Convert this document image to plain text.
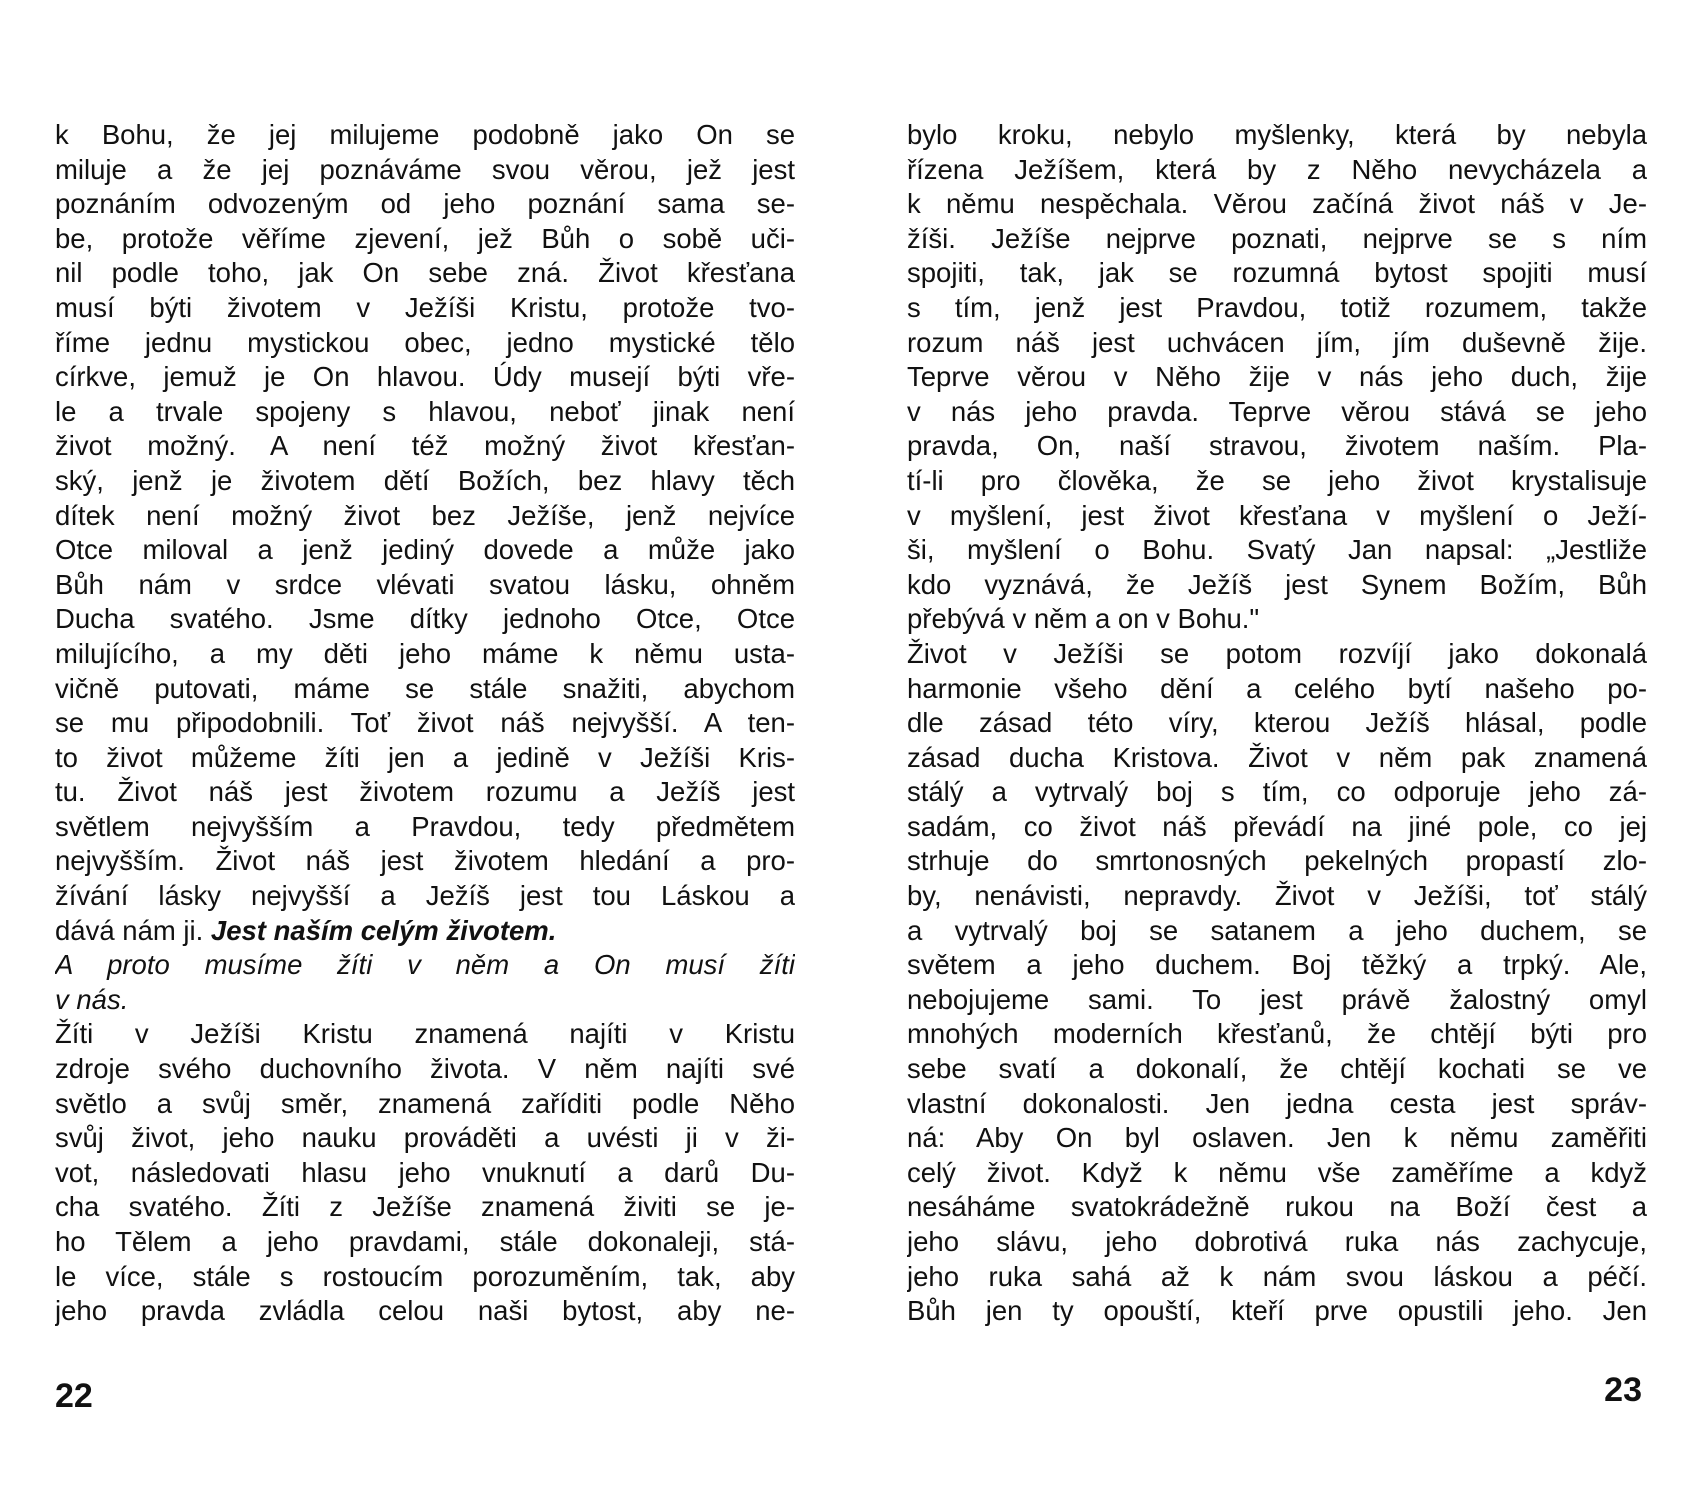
k Bohu, že jej milujeme podobně jako On se
miluje a že jej poznáváme svou věrou, jež jest
poznáním odvozeným od jeho poznání sama se-
be, protože věříme zjevení, jež Bůh o sobě uči-
nil podle toho, jak On sebe zná. Život křesťana
musí býti životem v Ježíši Kristu, protože tvo-
říme jednu mystickou obec, jedno mystické tělo
církve, jemuž je On hlavou. Údy musejí býti vře-
le a trvale spojeny s hlavou, neboť jinak není
život možný. A není též možný život křesťan-
ský, jenž je životem dětí Božích, bez hlavy těch
dítek není možný život bez Ježíše, jenž nejvíce
Otce miloval a jenž jediný dovede a může jako
Bůh nám v srdce vlévati svatou lásku, ohněm
Ducha svatého. Jsme dítky jednoho Otce, Otce
milujícího, a my děti jeho máme k němu usta-
vičně putovati, máme se stále snažiti, abychom
se mu připodobnili. Toť život náš nejvyšší. A ten-
to život můžeme žíti jen a jedině v Ježíši Kris-
tu. Život náš jest životem rozumu a Ježíš jest
světlem nejvyšším a Pravdou, tedy předmětem
nejvyšším. Život náš jest životem hledání a pro-
žívání lásky nejvyšší a Ježíš jest tou Láskou a
dává nám ji. Jest naším celým životem.
A proto musíme žíti v něm a On musí žíti
v nás.
Žíti v Ježíši Kristu znamená najíti v Kristu
zdroje svého duchovního života. V něm najíti své
světlo a svůj směr, znamená zaříditi podle Něho
svůj život, jeho nauku prováděti a uvésti ji v ži-
vot, následovati hlasu jeho vnuknutí a darů Du-
cha svatého. Žíti z Ježíše znamená živiti se je-
ho Tělem a jeho pravdami, stále dokonaleji, stá-
le více, stále s rostoucím porozuměním, tak, aby
jeho pravda zvládla celou naši bytost, aby ne-
bylo kroku, nebylo myšlenky, která by nebyla
řízena Ježíšem, která by z Něho nevycházela a
k němu nespěchala. Věrou začíná život náš v Je-
žíši. Ježíše nejprve poznati, nejprve se s ním
spojiti, tak, jak se rozumná bytost spojiti musí
s tím, jenž jest Pravdou, totiž rozumem, takže
rozum náš jest uchvácen jím, jím duševně žije.
Teprve věrou v Něho žije v nás jeho duch, žije
v nás jeho pravda. Teprve věrou stává se jeho
pravda, On, naší stravou, životem naším. Pla-
tí-li pro člověka, že se jeho život krystalisuje
v myšlení, jest život křesťana v myšlení o Ježí-
ši, myšlení o Bohu. Svatý Jan napsal: „Jestliže
kdo vyznává, že Ježíš jest Synem Božím, Bůh
přebývá v něm a on v Bohu."
Život v Ježíši se potom rozvíjí jako dokonalá
harmonie všeho dění a celého bytí našeho po-
dle zásad této víry, kterou Ježíš hlásal, podle
zásad ducha Kristova. Život v něm pak znamená
stálý a vytrvalý boj s tím, co odporuje jeho zá-
sadám, co život náš převádí na jiné pole, co jej
strhuje do smrtonosných pekelných propastí zlo-
by, nenávisti, nepravdy. Život v Ježíši, toť stálý
a vytrvalý boj se satanem a jeho duchem, se
světem a jeho duchem. Boj těžký a trpký. Ale,
nebojujeme sami. To jest právě žalostný omyl
mnohých moderních křesťanů, že chtějí býti pro
sebe svatí a dokonalí, že chtějí kochati se ve
vlastní dokonalosti. Jen jedna cesta jest správ-
ná: Aby On byl oslaven. Jen k němu zaměřiti
celý život. Když k němu vše zaměříme a když
nesáháme svatokrádežně rukou na Boží čest a
jeho slávu, jeho dobrotivá ruka nás zachycuje,
jeho ruka sahá až k nám svou láskou a péčí.
Bůh jen ty opouští, kteří prve opustili jeho. Jen
22	23
